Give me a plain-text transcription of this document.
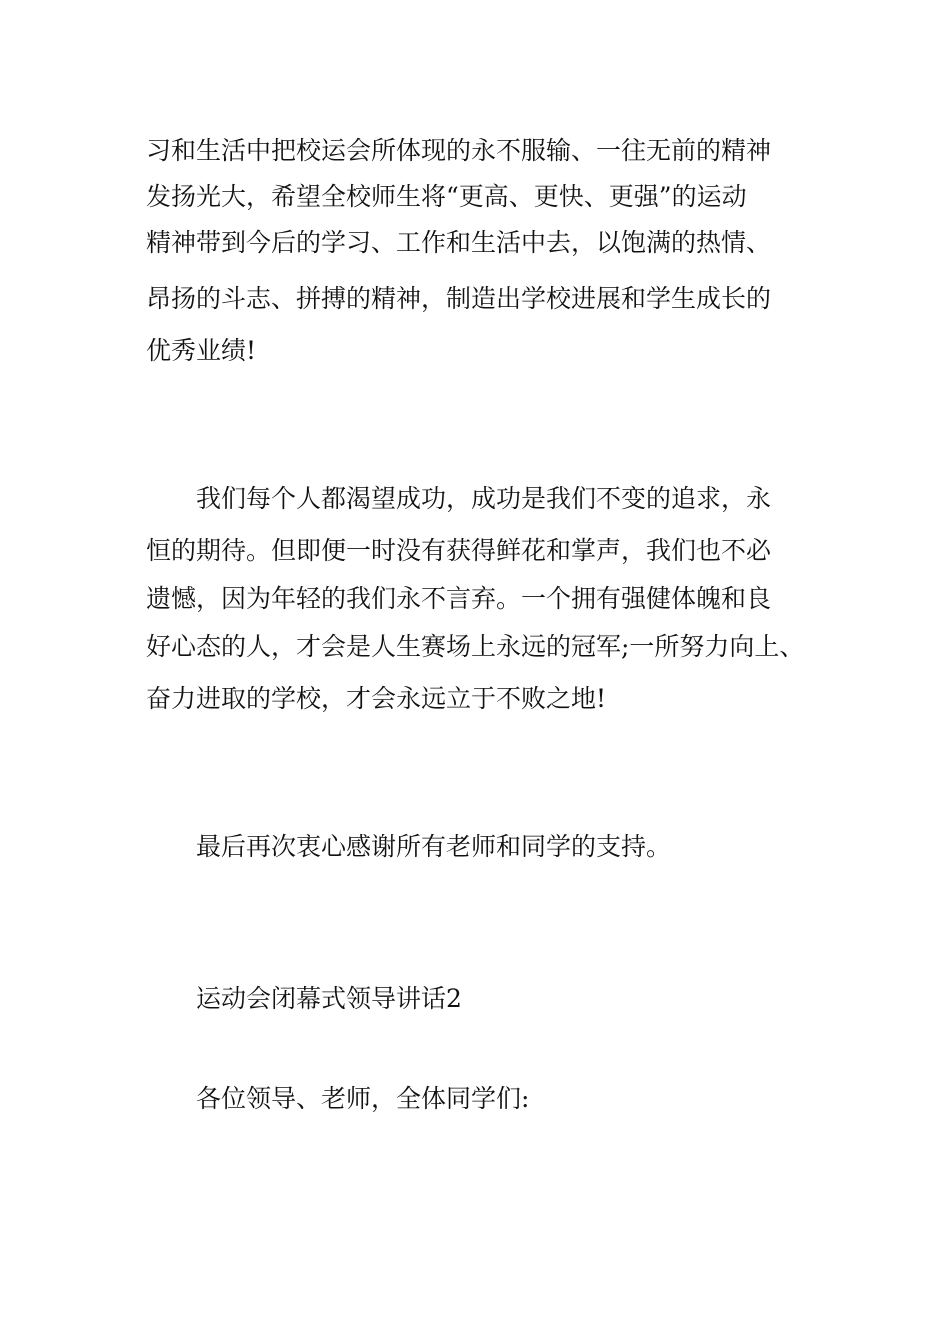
习和生活中把校运会所体现的永不服输、一往无前的精神
发扬光大，希望全校师生将“更高、更快、更强”的运动
精神带到今后的学习、工作和生活中去，以饱满的热情、
昂扬的斗志、拼搏的精神，制造出学校进展和学生成长的
优秀业绩!
我们每个人都渴望成功，成功是我们不变的追求，永
恒的期待。但即便一时没有获得鲜花和掌声，我们也不必
遗憾，因为年轻的我们永不言弃。一个拥有强健体魄和良
好心态的人，才会是人生赛场上永远的冠军;一所努力向上、
奋力进取的学校，才会永远立于不败之地!
最后再次衷心感谢所有老师和同学的支持。
运动会闭幕式领导讲话2
各位领导、老师，全体同学们:
